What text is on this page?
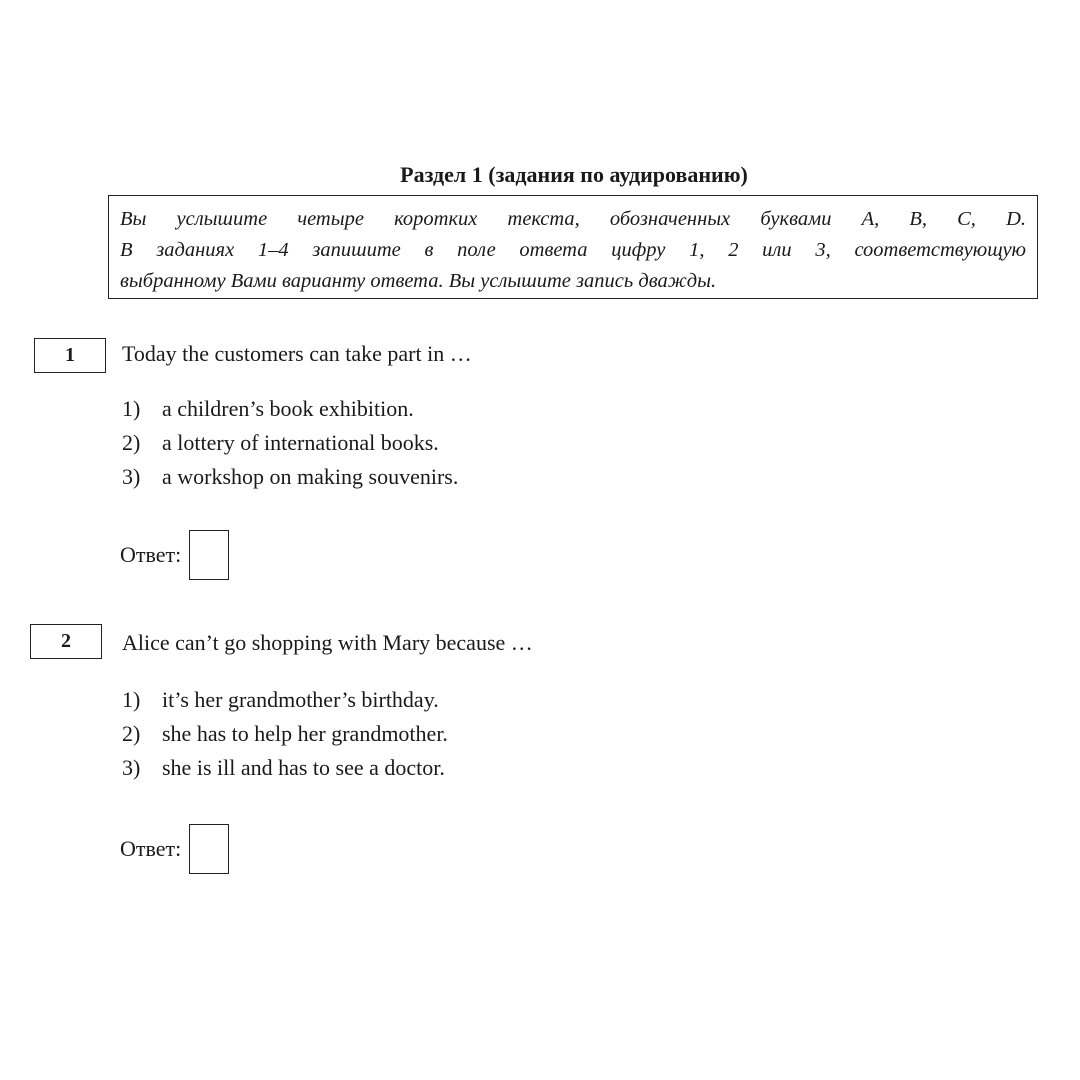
Раздел 1 (задания по аудированию)
Вы услышите четыре коротких текста, обозначенных буквами A, B, C, D.
В заданиях 1–4 запишите в поле ответа цифру 1, 2 или 3, соответствующую
выбранному Вами варианту ответа. Вы услышите запись дважды.
1	Today the customers can take part in …
1) a children’s book exhibition.
2) a lottery of international books.
3) a workshop on making souvenirs.
Ответ:
2	Alice can’t go shopping with Mary because …
1) it’s her grandmother’s birthday.
2) she has to help her grandmother.
3) she is ill and has to see a doctor.
Ответ:
